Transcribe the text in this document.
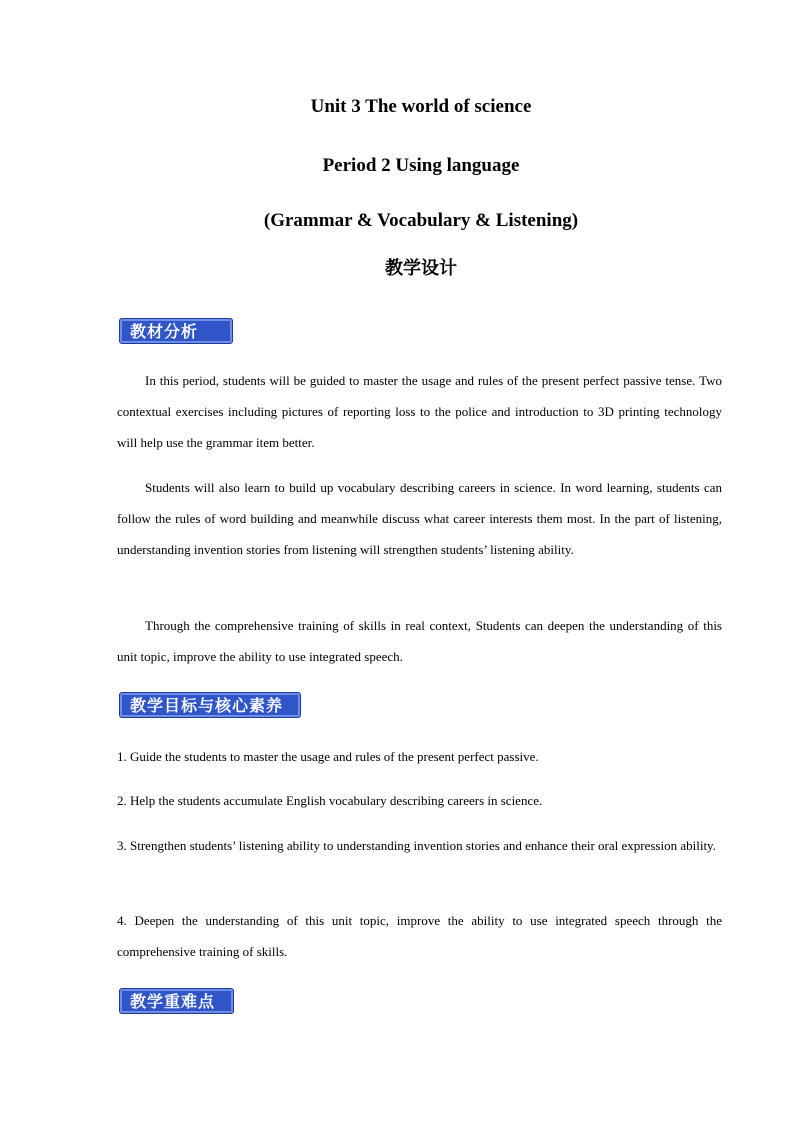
Unit 3 The world of science
Period 2 Using language
(Grammar & Vocabulary & Listening)
教学设计
教材分析

In this period, students will be guided to master the usage and rules of the present perfect passive tense. Two contextual exercises including pictures of reporting loss to the police and introduction to 3D printing technology will help use the grammar item better.

Students will also learn to build up vocabulary describing careers in science. In word learning, students can follow the rules of word building and meanwhile discuss what career interests them most. In the part of listening, understanding invention stories from listening will strengthen students’ listening ability.

Through the comprehensive training of skills in real context, Students can deepen the understanding of this unit topic, improve the ability to use integrated speech.

教学目标与核心素养

1. Guide the students to master the usage and rules of the present perfect passive.

2. Help the students accumulate English vocabulary describing careers in science.

3. Strengthen students’ listening ability to understanding invention stories and enhance their oral expression ability.

4. Deepen the understanding of this unit topic, improve the ability to use integrated speech through the comprehensive training of skills.

教学重难点
